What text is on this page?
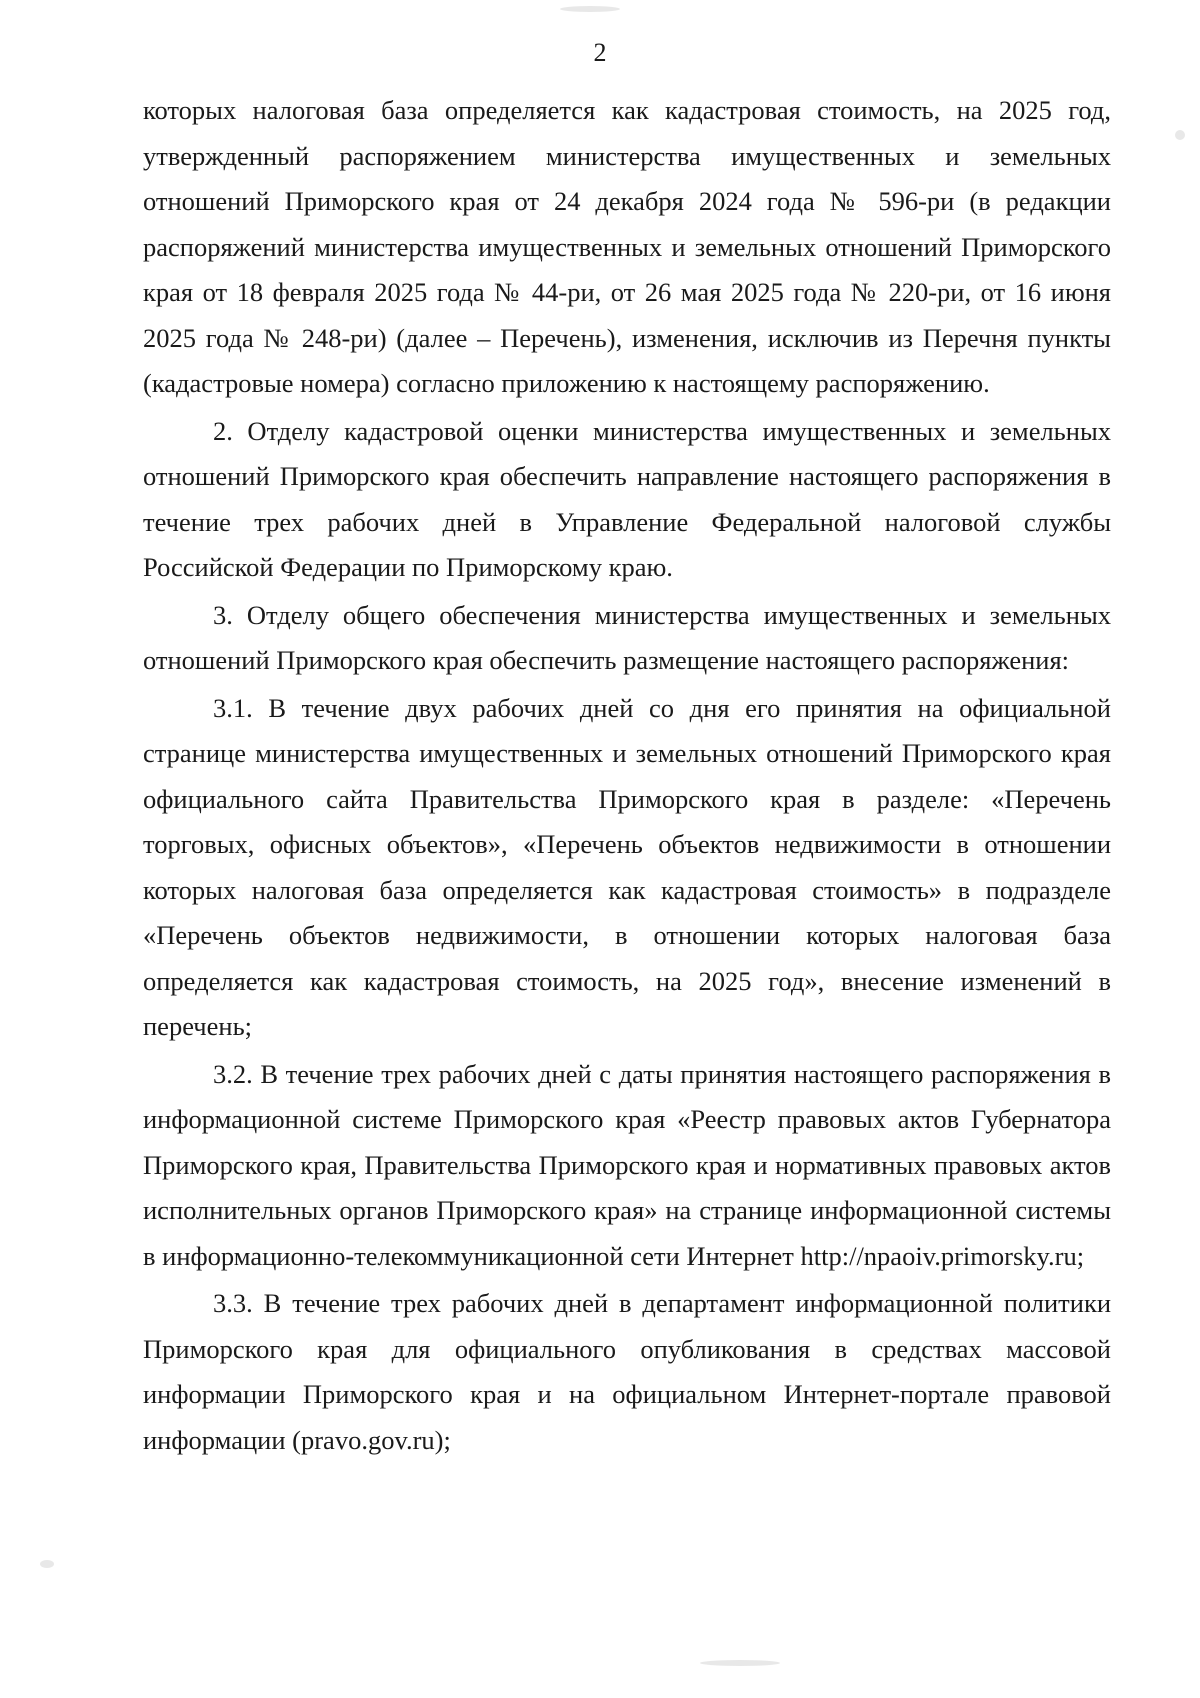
2

которых налоговая база определяется как кадастровая стоимость, на 2025 год, утвержденный распоряжением министерства имущественных и земельных отношений Приморского края от 24 декабря 2024 года № 596-ри (в редакции распоряжений министерства имущественных и земельных отношений Приморского края от 18 февраля 2025 года № 44-ри, от 26 мая 2025 года № 220-ри, от 16 июня 2025 года № 248-ри) (далее – Перечень), изменения, исключив из Перечня пункты (кадастровые номера) согласно приложению к настоящему распоряжению.

2. Отделу кадастровой оценки министерства имущественных и земельных отношений Приморского края обеспечить направление настоящего распоряжения в течение трех рабочих дней в Управление Федеральной налоговой службы Российской Федерации по Приморскому краю.

3. Отделу общего обеспечения министерства имущественных и земельных отношений Приморского края обеспечить размещение настоящего распоряжения:

3.1. В течение двух рабочих дней со дня его принятия на официальной странице министерства имущественных и земельных отношений Приморского края официального сайта Правительства Приморского края в разделе: «Перечень торговых, офисных объектов», «Перечень объектов недвижимости в отношении которых налоговая база определяется как кадастровая стоимость» в подразделе «Перечень объектов недвижимости, в отношении которых налоговая база определяется как кадастровая стоимость, на 2025 год», внесение изменений в перечень;

3.2. В течение трех рабочих дней с даты принятия настоящего распоряжения в информационной системе Приморского края «Реестр правовых актов Губернатора Приморского края, Правительства Приморского края и нормативных правовых актов исполнительных органов Приморского края» на странице информационной системы в информационно-телекоммуникационной сети Интернет http://npaoiv.primorsky.ru;

3.3. В течение трех рабочих дней в департамент информационной политики Приморского края для официального опубликования в средствах массовой информации Приморского края и на официальном Интернет-портале правовой информации (pravo.gov.ru);
